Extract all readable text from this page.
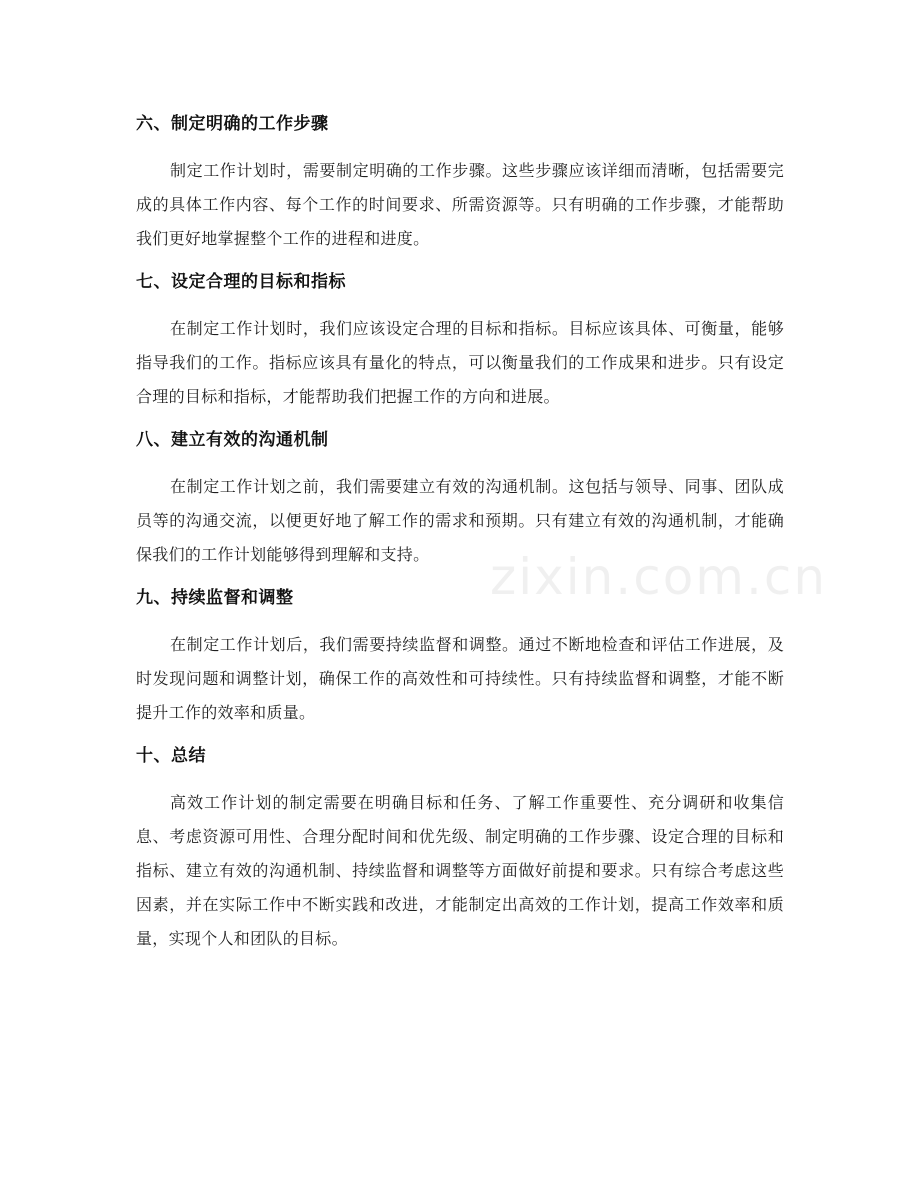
六、制定明确的工作步骤

制定工作计划时，需要制定明确的工作步骤。这些步骤应该详细而清晰，包括需要完成的具体工作内容、每个工作的时间要求、所需资源等。只有明确的工作步骤，才能帮助我们更好地掌握整个工作的进程和进度。

七、设定合理的目标和指标

在制定工作计划时，我们应该设定合理的目标和指标。目标应该具体、可衡量，能够指导我们的工作。指标应该具有量化的特点，可以衡量我们的工作成果和进步。只有设定合理的目标和指标，才能帮助我们把握工作的方向和进展。

八、建立有效的沟通机制

在制定工作计划之前，我们需要建立有效的沟通机制。这包括与领导、同事、团队成员等的沟通交流，以便更好地了解工作的需求和预期。只有建立有效的沟通机制，才能确保我们的工作计划能够得到理解和支持。

九、持续监督和调整

在制定工作计划后，我们需要持续监督和调整。通过不断地检查和评估工作进展，及时发现问题和调整计划，确保工作的高效性和可持续性。只有持续监督和调整，才能不断提升工作的效率和质量。

十、总结

高效工作计划的制定需要在明确目标和任务、了解工作重要性、充分调研和收集信息、考虑资源可用性、合理分配时间和优先级、制定明确的工作步骤、设定合理的目标和指标、建立有效的沟通机制、持续监督和调整等方面做好前提和要求。只有综合考虑这些因素，并在实际工作中不断实践和改进，才能制定出高效的工作计划，提高工作效率和质量，实现个人和团队的目标。

zixin.com.cn
